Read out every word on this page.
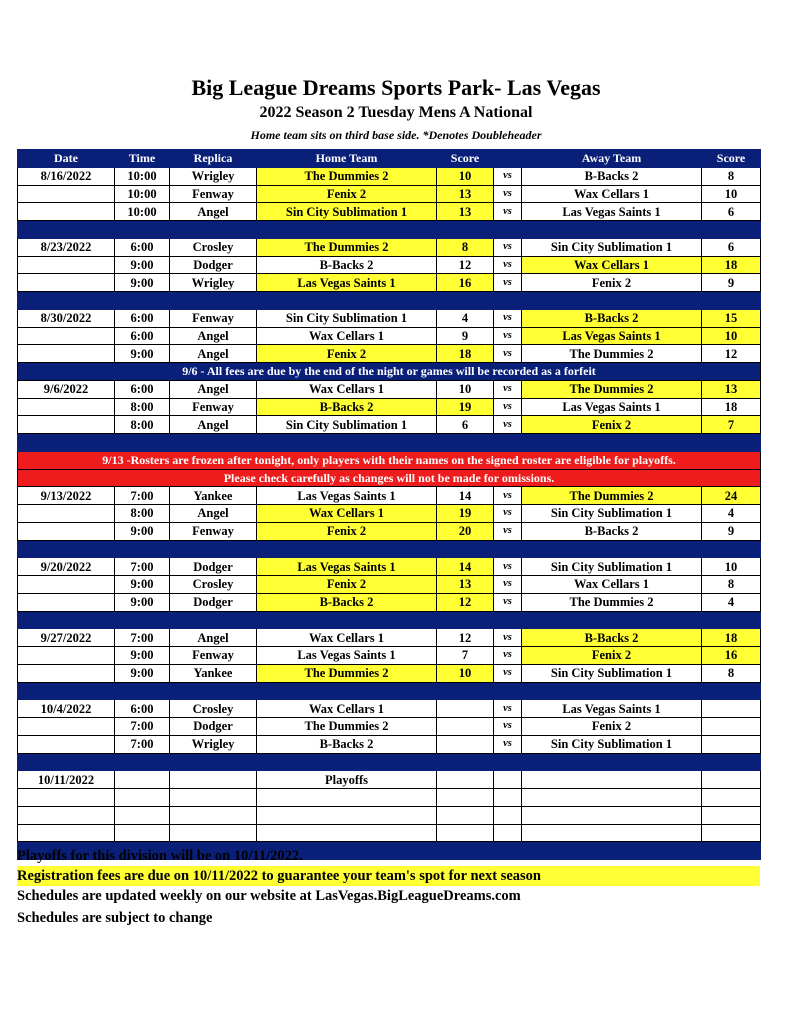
Big League Dreams Sports Park- Las Vegas
2022 Season 2 Tuesday Mens A National
Home team sits on third base side. *Denotes Doubleheader
Date	Time	Replica	Home Team	Score		Away Team	Score
8/16/2022	10:00	Wrigley	The Dummies 2	10	vs	B-Backs 2	8
	10:00	Fenway	Fenix 2	13	vs	Wax Cellars 1	10
	10:00	Angel	Sin City Sublimation 1	13	vs	Las Vegas Saints 1	6

8/23/2022	6:00	Crosley	The Dummies 2	8	vs	Sin City Sublimation 1	6
	9:00	Dodger	B-Backs 2	12	vs	Wax Cellars 1	18
	9:00	Wrigley	Las Vegas Saints 1	16	vs	Fenix 2	9

8/30/2022	6:00	Fenway	Sin City Sublimation 1	4	vs	B-Backs 2	15
	6:00	Angel	Wax Cellars 1	9	vs	Las Vegas Saints 1	10
	9:00	Angel	Fenix 2	18	vs	The Dummies 2	12
9/6 - All fees are due by the end of the night or games will be recorded as a forfeit							
9/6/2022	6:00	Angel	Wax Cellars 1	10	vs	The Dummies 2	13
	8:00	Fenway	B-Backs 2	19	vs	Las Vegas Saints 1	18
	8:00	Angel	Sin City Sublimation 1	6	vs	Fenix 2	7

9/13 -Rosters are frozen after tonight, only players with their names on the signed roster are eligible for playoffs.							
Please check carefully as changes will not be made for omissions.							
9/13/2022	7:00	Yankee	Las Vegas Saints 1	14	vs	The Dummies 2	24
	8:00	Angel	Wax Cellars 1	19	vs	Sin City Sublimation 1	4
	9:00	Fenway	Fenix 2	20	vs	B-Backs 2	9

9/20/2022	7:00	Dodger	Las Vegas Saints 1	14	vs	Sin City Sublimation 1	10
	9:00	Crosley	Fenix 2	13	vs	Wax Cellars 1	8
	9:00	Dodger	B-Backs 2	12	vs	The Dummies 2	4

9/27/2022	7:00	Angel	Wax Cellars 1	12	vs	B-Backs 2	18
	9:00	Fenway	Las Vegas Saints 1	7	vs	Fenix 2	16
	9:00	Yankee	The Dummies 2	10	vs	Sin City Sublimation 1	8

10/4/2022	6:00	Crosley	Wax Cellars 1		vs	Las Vegas Saints 1	
	7:00	Dodger	The Dummies 2		vs	Fenix 2	
	7:00	Wrigley	B-Backs 2		vs	Sin City Sublimation 1	

10/11/2022			Playoffs				

Playoffs for this division will be on 10/11/2022.
Registration fees are due on 10/11/2022 to guarantee your team's spot for next season
Schedules are updated weekly on our website at LasVegas.BigLeagueDreams.com
Schedules are subject to change
